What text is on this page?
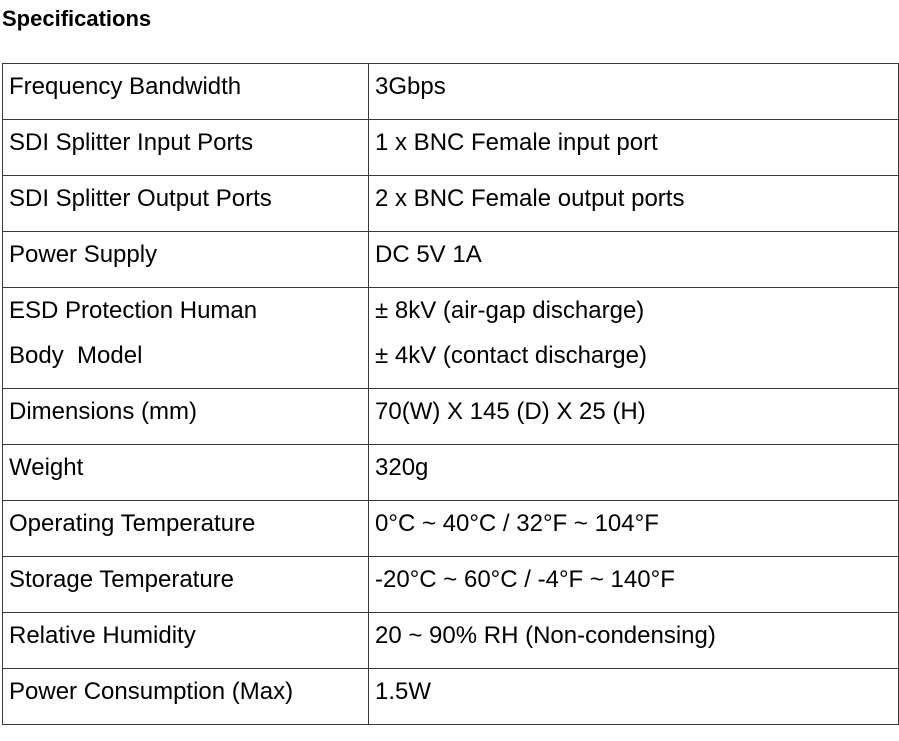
Specifications
Frequency Bandwidth	3Gbps

SDI Splitter Input Ports	1 x BNC Female input port

SDI Splitter Output Ports	2 x BNC Female output ports

Power Supply	DC 5V 1A

ESD Protection Human
Body  Model	± 8kV (air-gap discharge)
± 4kV (contact discharge)

Dimensions (mm)	70(W) X 145 (D) X 25 (H)

Weight	320g

Operating Temperature	0°C ~ 40°C / 32°F ~ 104°F

Storage Temperature	-20°C ~ 60°C / -4°F ~ 140°F

Relative Humidity	20 ~ 90% RH (Non-condensing)

Power Consumption (Max)	1.5W
